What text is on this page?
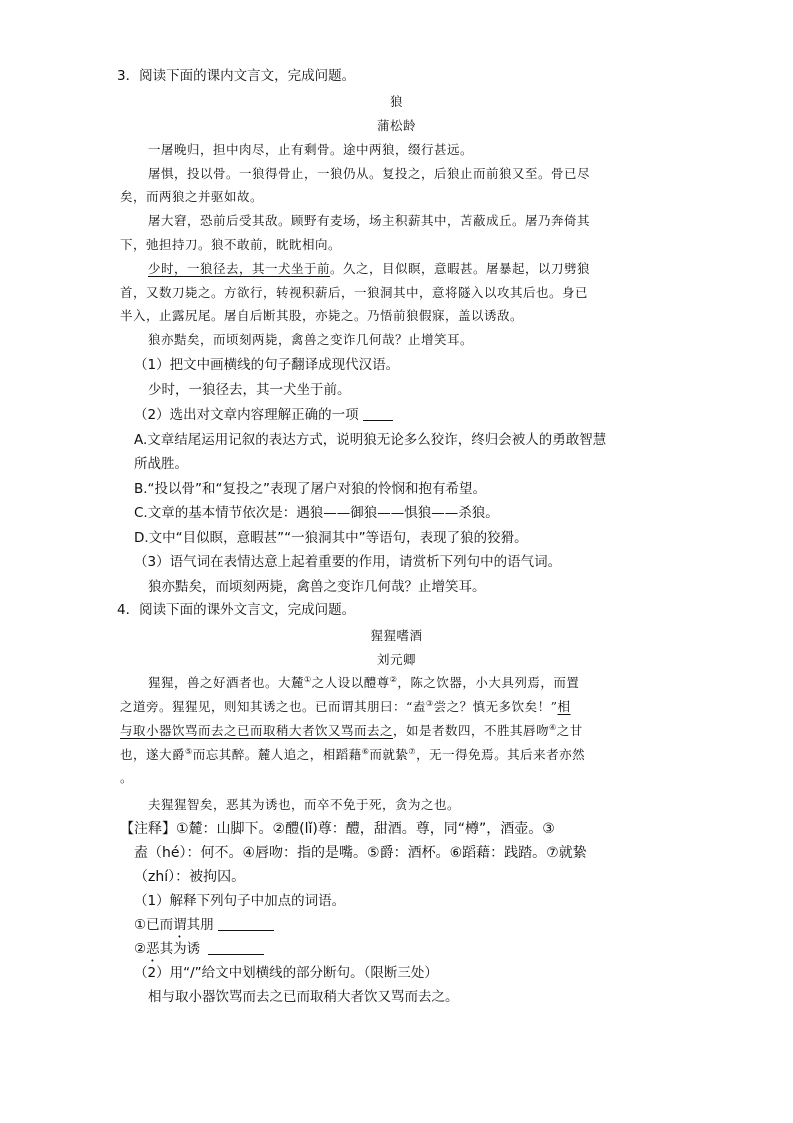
3．阅读下面的课内文言文，完成问题。
狼
蒲松龄
一屠晚归，担中肉尽，止有剩骨。途中两狼，缀行甚远。
屠惧，投以骨。一狼得骨止，一狼仍从。复投之，后狼止而前狼又至。骨已尽
矣，而两狼之并驱如故。
屠大窘，恐前后受其敌。顾野有麦场，场主积薪其中，苫蔽成丘。屠乃奔倚其
下，弛担持刀。狼不敢前，眈眈相向。
少时，一狼径去，其一犬坐于前。久之，目似瞑，意暇甚。屠暴起，以刀劈狼
首，又数刀毙之。方欲行，转视积薪后，一狼洞其中，意将隧入以攻其后也。身已
半入，止露尻尾。屠自后断其股，亦毙之。乃悟前狼假寐，盖以诱敌。
狼亦黠矣，而顷刻两毙，禽兽之变诈几何哉？止增笑耳。
（1）把文中画横线的句子翻译成现代汉语。
少时，一狼径去，其一犬坐于前。
（2）选出对文章内容理解正确的一项
A.文章结尾运用记叙的表达方式，说明狼无论多么狡诈，终归会被人的勇敢智慧
所战胜。
B.“投以骨”和“复投之”表现了屠户对狼的怜悯和抱有希望。
C.文章的基本情节依次是：遇狼——御狼——惧狼——杀狼。
D.文中“目似瞑，意暇甚”“一狼洞其中”等语句，表现了狼的狡猾。
（3）语气词在表情达意上起着重要的作用，请赏析下列句中的语气词。
狼亦黠矣，而顷刻两毙，禽兽之变诈几何哉？止增笑耳。
4．阅读下面的课外文言文，完成问题。
猩猩嗜酒
刘元卿
猩猩，兽之好酒者也。大麓①之人设以醴尊②，陈之饮器，小大具列焉，而置
之道旁。猩猩见，则知其诱之也。已而谓其朋曰：“盍③尝之？慎无多饮矣！”相
与取小器饮骂而去之已而取稍大者饮又骂而去之，如是者数四，不胜其唇吻④之甘
也，遂大爵⑤而忘其醉。麓人追之，相蹈藉⑥而就絷⑦，无一得免焉。其后来者亦然
。
夫猩猩智矣，恶其为诱也，而卒不免于死，贪为之也。
【注释】①麓：山脚下。②醴(lǐ)尊：醴，甜酒。尊，同“樽”，酒壶。③
盍（hé）：何不。④唇吻：指的是嘴。⑤爵：酒杯。⑥蹈藉：践踏。⑦就絷
（zhí）：被拘囚。
（1）解释下列句子中加点的词语。
①已而谓其朋
②恶其为诱
（2）用“/”给文中划横线的部分断句。（限断三处）
相与取小器饮骂而去之已而取稍大者饮又骂而去之。
